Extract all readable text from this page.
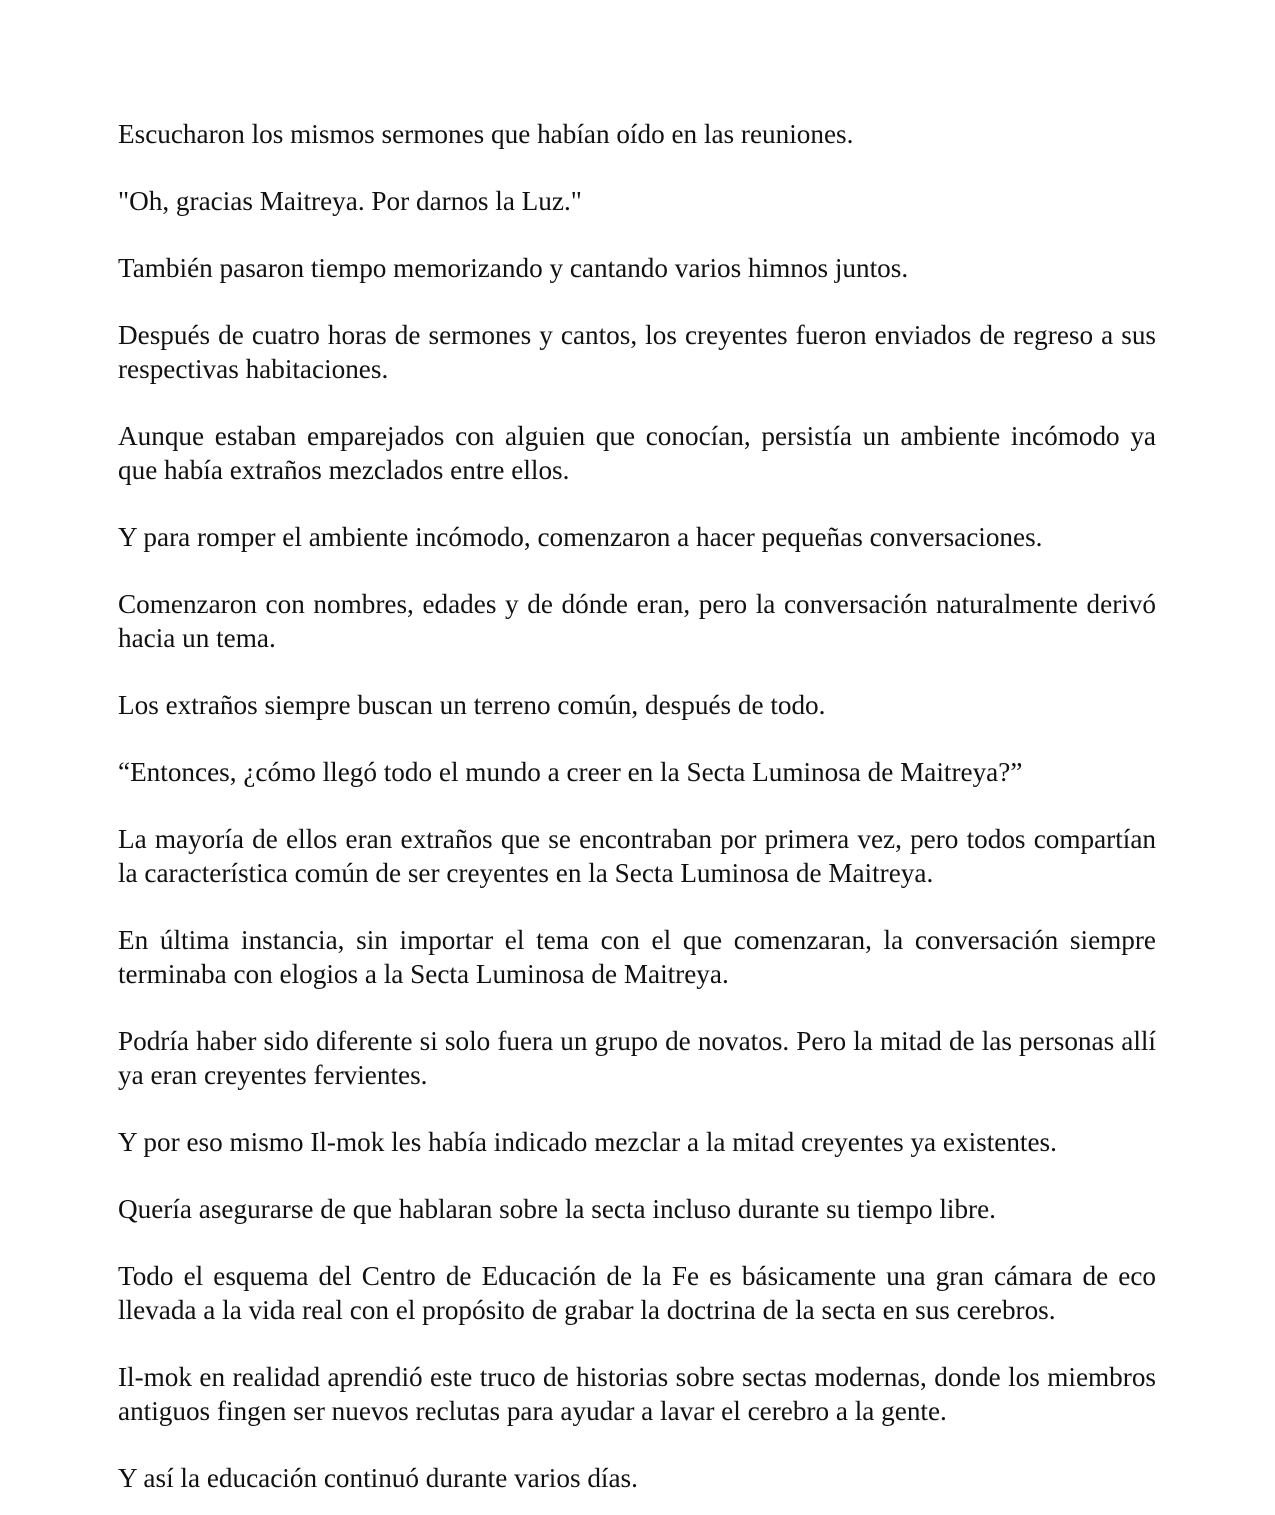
Escucharon los mismos sermones que habían oído en las reuniones.

"Oh, gracias Maitreya. Por darnos la Luz."

También pasaron tiempo memorizando y cantando varios himnos juntos.

Después de cuatro horas de sermones y cantos, los creyentes fueron enviados de regreso a sus respectivas habitaciones.

Aunque estaban emparejados con alguien que conocían, persistía un ambiente incómodo ya que había extraños mezclados entre ellos.

Y para romper el ambiente incómodo, comenzaron a hacer pequeñas conversaciones.

Comenzaron con nombres, edades y de dónde eran, pero la conversación naturalmente derivó hacia un tema.

Los extraños siempre buscan un terreno común, después de todo.

“Entonces, ¿cómo llegó todo el mundo a creer en la Secta Luminosa de Maitreya?”

La mayoría de ellos eran extraños que se encontraban por primera vez, pero todos compartían la característica común de ser creyentes en la Secta Luminosa de Maitreya.

En última instancia, sin importar el tema con el que comenzaran, la conversación siempre terminaba con elogios a la Secta Luminosa de Maitreya.

Podría haber sido diferente si solo fuera un grupo de novatos. Pero la mitad de las personas allí ya eran creyentes fervientes.

Y por eso mismo Il-mok les había indicado mezclar a la mitad creyentes ya existentes.

Quería asegurarse de que hablaran sobre la secta incluso durante su tiempo libre.

Todo el esquema del Centro de Educación de la Fe es básicamente una gran cámara de eco llevada a la vida real con el propósito de grabar la doctrina de la secta en sus cerebros.

Il-mok en realidad aprendió este truco de historias sobre sectas modernas, donde los miembros antiguos fingen ser nuevos reclutas para ayudar a lavar el cerebro a la gente.

Y así la educación continuó durante varios días.
